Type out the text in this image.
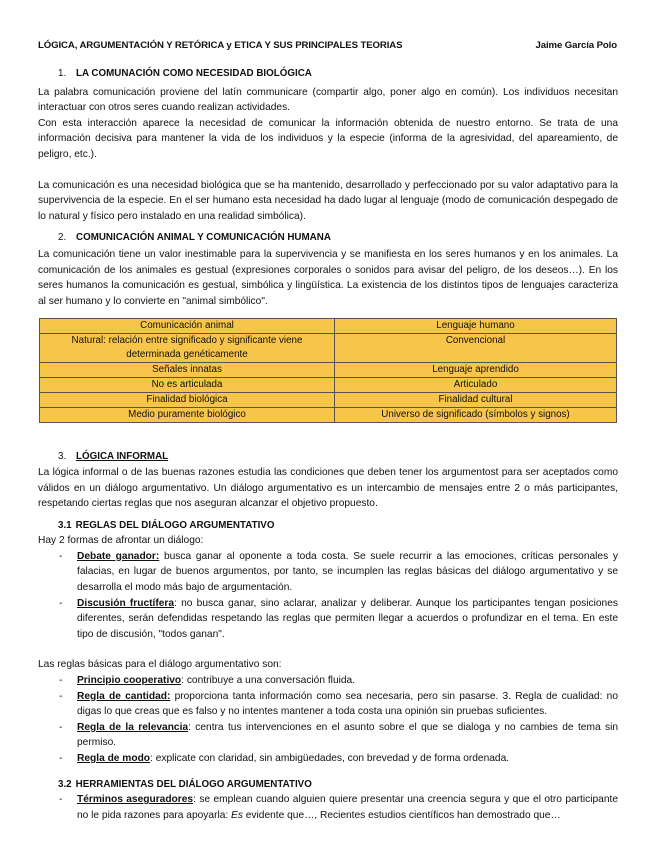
LÓGICA, ARGUMENTACIÓN Y RETÓRICA y ETICA Y SUS PRINCIPALES TEORIAS	Jaime García Polo
1. LA COMUNACIÓN COMO NECESIDAD BIOLÓGICA

La palabra comunicación proviene del latín communicare (compartir algo, poner algo en común). Los individuos necesitan interactuar con otros seres cuando realizan actividades.

Con esta interacción aparece la necesidad de comunicar la información obtenida de nuestro entorno. Se trata de una información decisiva para mantener la vida de los individuos y la especie (informa de la agresividad, del apareamiento, de peligro, etc.).

La comunicación es una necesidad biológica que se ha mantenido, desarrollado y perfeccionado por su valor adaptativo para la supervivencia de la especie. En el ser humano esta necesidad ha dado lugar al lenguaje (modo de comunicación despegado de lo natural y físico pero instalado en una realidad simbólica).

2. COMUNICACIÓN ANIMAL Y COMUNICACIÓN HUMANA

La comunicación tiene un valor inestimable para la supervivencia y se manifiesta en los seres humanos y en los animales. La comunicación de los animales es gestual (expresiones corporales o sonidos para avisar del peligro, de los deseos…). En los seres humanos la comunicación es gestual, simbólica y lingüística. La existencia de los distintos tipos de lenguajes caracteriza al ser humano y lo convierte en "animal simbólico".

Comunicación animal	Lenguaje humano
Natural: relación entre significado y significante viene determinada genéticamente	Convencional
Señales innatas	Lenguaje aprendido
No es articulada	Articulado
Finalidad biológica	Finalidad cultural
Medio puramente biológico	Universo de significado (símbolos y signos)
3. LÓGICA INFORMAL

La lógica informal o de las buenas razones estudia las condiciones que deben tener los argumentost para ser aceptados como válidos en un diálogo argumentativo. Un diálogo argumentativo es un intercambio de mensajes entre 2 o más participantes, respetando ciertas reglas que nos aseguran alcanzar el objetivo propuesto.

3.1 REGLAS DEL DIÁLOGO ARGUMENTATIVO

Hay 2 formas de afrontar un diálogo:

- Debate ganador: busca ganar al oponente a toda costa. Se suele recurrir a las emociones, críticas personales y falacias, en lugar de buenos argumentos, por tanto, se incumplen las reglas básicas del diálogo argumentativo y se desarrolla el modo más bajo de argumentación.
- Discusión fructífera: no busca ganar, sino aclarar, analizar y deliberar. Aunque los participantes tengan posiciones diferentes, serán defendidas respetando las reglas que permiten llegar a acuerdos o profundizar en el tema. En este tipo de discusión, "todos ganan".

Las reglas básicas para el diálogo argumentativo son:

- Principio cooperativo: contribuye a una conversación fluida.
- Regla de cantidad: proporciona tanta información como sea necesaria, pero sin pasarse. 3. Regla de cualidad: no digas lo que creas que es falso y no intentes mantener a toda costa una opinión sin pruebas suficientes.
- Regla de la relevancia: centra tus intervenciones en el asunto sobre el que se dialoga y no cambies de tema sin permiso.
- Regla de modo: explicate con claridad, sin ambigüedades, con brevedad y de forma ordenada.
3.2 HERRAMIENTAS DEL DIÁLOGO ARGUMENTATIVO
- Términos aseguradores: se emplean cuando alguien quiere presentar una creencia segura y que el otro participante no le pida razones para apoyarla: Es evidente que…, Recientes estudios científicos han demostrado que…
